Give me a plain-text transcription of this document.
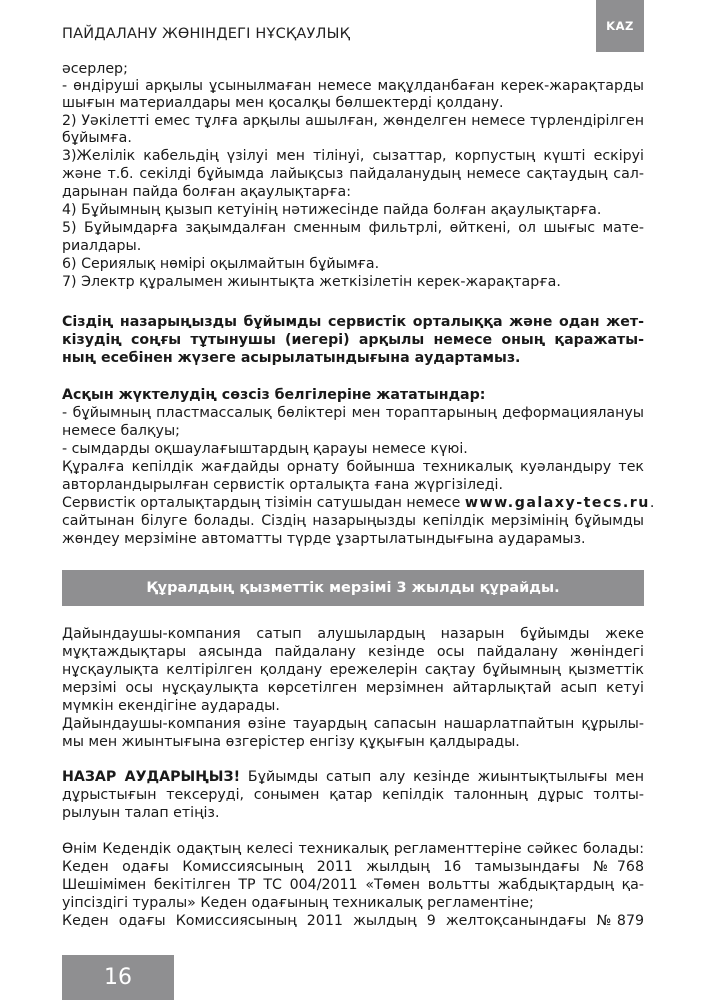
ПАЙДАЛАНУ ЖӨНІНДЕГІ НҰСҚАУЛЫҚ	KAZ
әсерлер;
- өндіруші арқылы ұсынылмаған немесе мақұлданбаған керек-жарақтарды
шығын материалдары мен қосалқы бөлшектерді қолдану.
2) Уәкілетті емес тұлға арқылы ашылған, жөнделген немесе түрлендірілген
бұйымға.
3)Желілік кабельдің үзілуі мен тілінуі, сызаттар, корпустың күшті ескіруі
және т.б. секілді бұйымда лайықсыз пайдаланудың немесе сақтаудың сал-
дарынан пайда болған ақаулықтарға:
4) Бұйымның қызып кетуінің нәтижесінде пайда болған ақаулықтарға.
5) Бұйымдарға зақымдалған сменным фильтрлі, өйткені, ол шығыс мате-
риалдары.
6) Сериялық нөмірі оқылмайтын бұйымға.
7) Электр құралымен жиынтықта жеткізілетін керек-жарақтарға.
Сіздің назарыңызды бұйымды сервистік орталыққа және одан жет-
кізудің соңғы тұтынушы (иегері) арқылы немесе оның қаражаты-
ның есебінен жүзеге асырылатындығына аудартамыз.
Асқын жүктелудің сөзсіз белгілеріне жататындар:
- бұйымның пластмассалық бөліктері мен тораптарының деформациялануы
немесе балқуы;
- сымдарды оқшаулағыштардың қарауы немесе күюі.
Құралға кепілдік жағдайды орнату бойынша техникалық куәландыру тек
авторландырылған сервистік орталықта ғана жүргізіледі.
Сервистік орталықтардың тізімін сатушыдан немесе www.galaxy-tecs.ru.
сайтынан білуге болады. Сіздің назарыңызды кепілдік мерзімінің бұйымды
жөндеу мерзіміне автоматты түрде ұзартылатындығына аударамыз.
Құралдың қызметтік мерзімі 3 жылды құрайды.
Дайындаушы-компания сатып алушылардың назарын бұйымды жеке
мұқтаждықтары аясында пайдалану кезінде осы пайдалану жөніндегі
нұсқаулықта келтірілген қолдану ережелерін сақтау бұйымның қызметтік
мерзімі осы нұсқаулықта көрсетілген мерзімнен айтарлықтай асып кетуі
мүмкін екендігіне аударады.
Дайындаушы-компания өзіне тауардың сапасын нашарлатпайтын құрылы-
мы мен жиынтығына өзгерістер енгізу құқығын қалдырады.
НАЗАР АУДАРЫҢЫЗ! Бұйымды сатып алу кезінде жиынтықтылығы мен
дұрыстығын тексеруді, сонымен қатар кепілдік талонның дұрыс толты-
рылуын талап етіңіз.
Өнім Кедендік одақтың келесі техникалық регламенттеріне сәйкес болады:
Кеден одағы Комиссиясының 2011 жылдың 16 тамызындағы №768
Шешімімен бекітілген ТР ТС 004/2011 «Төмен вольтты жабдықтардың қа-
уіпсіздігі туралы» Кеден одағының техникалық регламентіне;
Кеден одағы Комиссиясының 2011 жылдың 9 желтоқсанындағы №879
16
